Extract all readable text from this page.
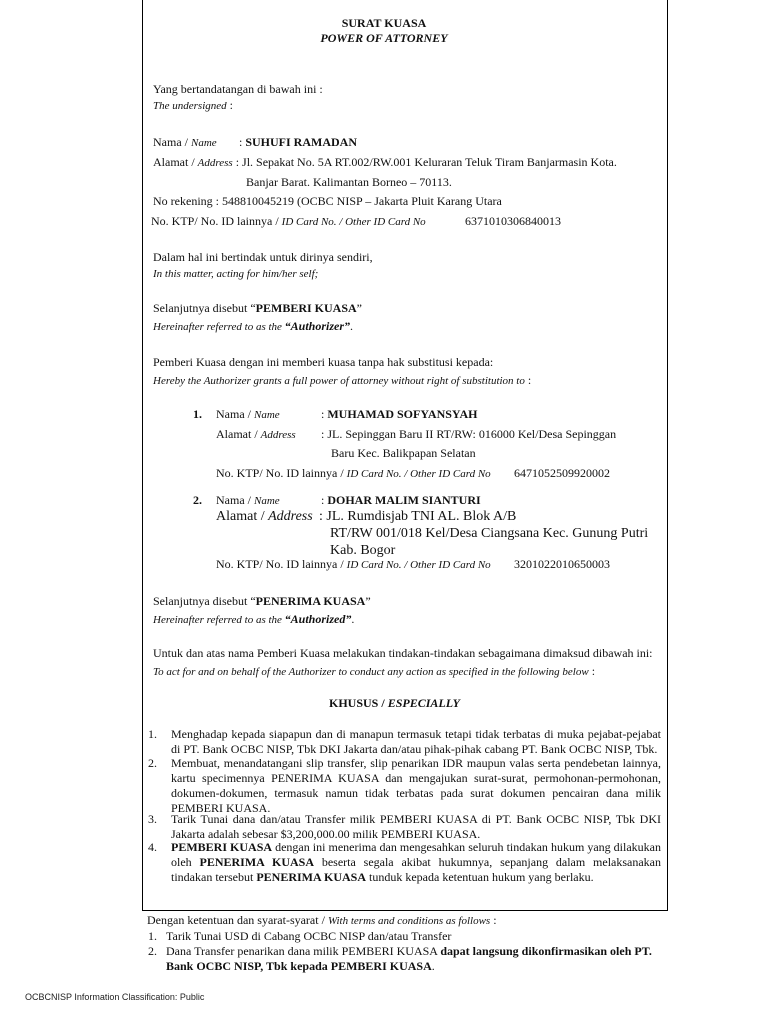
SURAT KUASA
POWER OF ATTORNEY
Yang bertandatangan di bawah ini :
The undersigned :
Nama / Name : SUHUFI RAMADAN
Alamat / Address : Jl. Sepakat No. 5A RT.002/RW.001 Keluraran Teluk Tiram Banjarmasin Kota.
Banjar Barat. Kalimantan Borneo – 70113.
No rekening : 548810045219 (OCBC NISP – Jakarta Pluit Karang Utara
No. KTP/ No. ID lainnya / ID Card No. / Other ID Card No	6371010306840013
Dalam hal ini bertindak untuk dirinya sendiri,
In this matter, acting for him/her self;
Selanjutnya disebut “PEMBERI KUASA”
Hereinafter referred to as the “Authorizer”.
Pemberi Kuasa dengan ini memberi kuasa tanpa hak substitusi kepada:
Hereby the Authorizer grants a full power of attorney without right of substitution to :
1. Nama / Name	: MUHAMAD SOFYANSYAH
Alamat / Address : JL. Sepinggan Baru II RT/RW: 016000 Kel/Desa Sepinggan
Baru Kec. Balikpapan Selatan
No. KTP/ No. ID lainnya / ID Card No. / Other ID Card No 6471052509920002
2. Nama / Name	: DOHAR MALIM SIANTURI
Alamat / Address : JL. Rumdisjab TNI AL. Blok A/B
RT/RW 001/018 Kel/Desa Ciangsana Kec. Gunung Putri
Kab. Bogor
No. KTP/ No. ID lainnya / ID Card No. / Other ID Card No 3201022010650003
Selanjutnya disebut “PENERIMA KUASA”
Hereinafter referred to as the “Authorized”.
Untuk dan atas nama Pemberi Kuasa melakukan tindakan-tindakan sebagaimana dimaksud dibawah ini:
To act for and on behalf of the Authorizer to conduct any action as specified in the following below :
KHUSUS / ESPECIALLY
1. Menghadap kepada siapapun dan di manapun termasuk tetapi tidak terbatas di muka pejabat-pejabat di PT. Bank OCBC NISP, Tbk DKI Jakarta dan/atau pihak-pihak cabang PT. Bank OCBC NISP, Tbk.
2. Membuat, menandatangani slip transfer, slip penarikan IDR maupun valas serta pendebetan lainnya, kartu specimennya PENERIMA KUASA dan mengajukan surat-surat, permohonan-permohonan, dokumen-dokumen, termasuk namun tidak terbatas pada surat dokumen pencairan dana milik PEMBERI KUASA.
3. Tarik Tunai dana dan/atau Transfer milik PEMBERI KUASA di PT. Bank OCBC NISP, Tbk DKI Jakarta adalah sebesar $3,200,000.00 milik PEMBERI KUASA.
4. PEMBERI KUASA dengan ini menerima dan mengesahkan seluruh tindakan hukum yang dilakukan oleh PENERIMA KUASA beserta segala akibat hukumnya, sepanjang dalam melaksanakan tindakan tersebut PENERIMA KUASA tunduk kepada ketentuan hukum yang berlaku.
Dengan ketentuan dan syarat-syarat / With terms and conditions as follows :
1. Tarik Tunai USD di Cabang OCBC NISP dan/atau Transfer
2. Dana Transfer penarikan dana milik PEMBERI KUASA dapat langsung dikonfirmasikan oleh PT.
Bank OCBC NISP, Tbk kepada PEMBERI KUASA.
OCBCNISP Information Classification: Public
